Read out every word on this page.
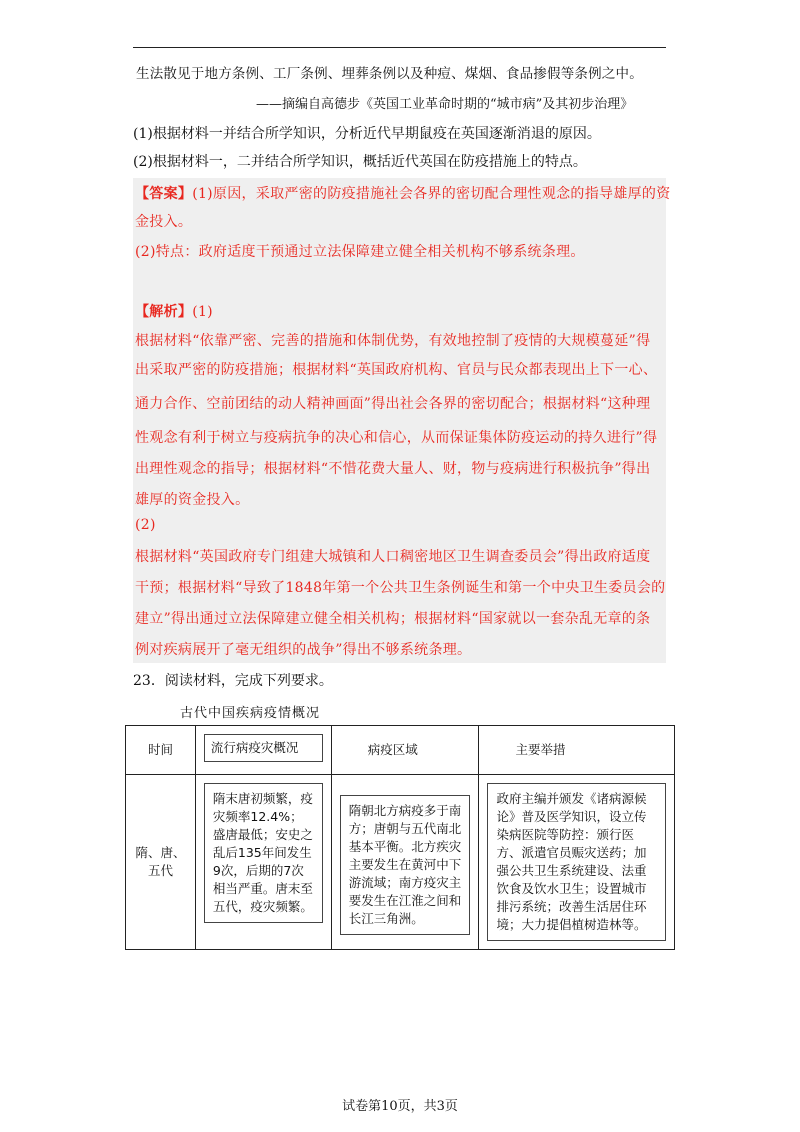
生法散见于地方条例、工厂条例、埋葬条例以及种痘、煤烟、食品掺假等条例之中。
——摘编自高德步《英国工业革命时期的“城市病”及其初步治理》
(1)根据材料一并结合所学知识，分析近代早期鼠疫在英国逐渐消退的原因。
(2)根据材料一，二并结合所学知识，概括近代英国在防疫措施上的特点。
【答案】(1)原因，采取严密的防疫措施社会各界的密切配合理性观念的指导雄厚的资
金投入。
(2)特点：政府适度干预通过立法保障建立健全相关机构不够系统条理。
【解析】(1)
根据材料“依靠严密、完善的措施和体制优势，有效地控制了疫情的大规模蔓延”得
出采取严密的防疫措施；根据材料“英国政府机构、官员与民众都表现出上下一心、
通力合作、空前团结的动人精神画面”得出社会各界的密切配合；根据材料“这种理
性观念有利于树立与疫病抗争的决心和信心，从而保证集体防疫运动的持久进行”得
出理性观念的指导；根据材料“不惜花费大量人、财，物与疫病进行积极抗争”得出
雄厚的资金投入。
(2)
根据材料“英国政府专门组建大城镇和人口稠密地区卫生调查委员会”得出政府适度
干预；根据材料“导致了1848年第一个公共卫生条例诞生和第一个中央卫生委员会的
建立”得出通过立法保障建立健全相关机构；根据材料“国家就以一套杂乱无章的条
例对疾病展开了毫无组织的战争”得出不够系统条理。
23．阅读材料，完成下列要求。
古代中国疾病疫情概况
时间	流行病疫灾概况	病疫区域	主要举措
隋、唐、五代	隋末唐初频繁，疫灾频率12.4%；盛唐最低；安史之乱后135年间发生9次，后期的7次相当严重。唐末至五代，疫灾频繁。	隋朝北方病疫多于南方；唐朝与五代南北基本平衡。北方疾灾主要发生在黄河中下游流域；南方疫灾主要发生在江淮之间和长江三角洲。	政府主编并颁发《诸病源候论》普及医学知识，设立传染病医院等防控：颁行医方、派遣官员赈灾送药；加强公共卫生系统建设、法重饮食及饮水卫生；设置城市排污系统；改善生活居住环境；大力提倡植树造林等。
试卷第10页，共3页
